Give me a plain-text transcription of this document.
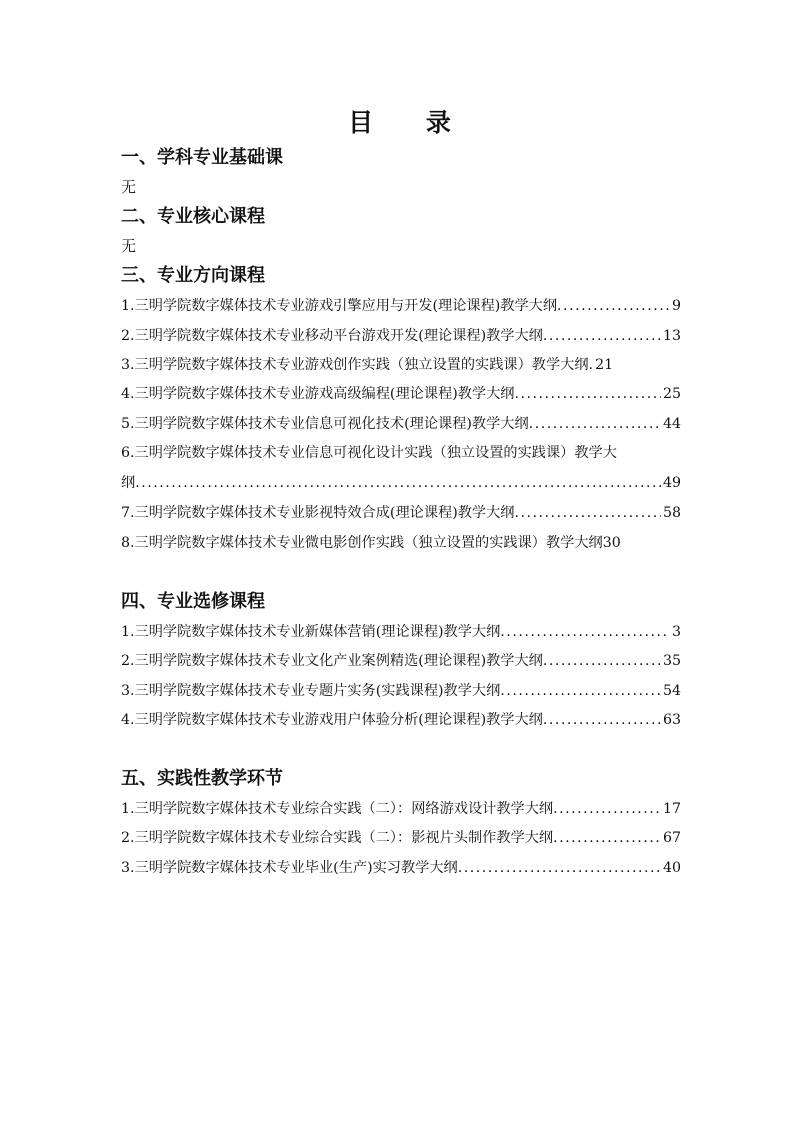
目 录
一、学科专业基础课
无
二、专业核心课程
无
三、专业方向课程
1.三明学院数字媒体技术专业游戏引擎应用与开发(理论课程)教学大纲 .....	9
2.三明学院数字媒体技术专业移动平台游戏开发(理论课程)教学大纲 .....	13
3.三明学院数字媒体技术专业游戏创作实践（独立设置的实践课）教学大纲. 21
4.三明学院数字媒体技术专业游戏高级编程(理论课程)教学大纲 .....	25
5.三明学院数字媒体技术专业信息可视化技术(理论课程)教学大纲 .....	44
6.三明学院数字媒体技术专业信息可视化设计实践（独立设置的实践课）教学大
纲 .....	49
7.三明学院数字媒体技术专业影视特效合成(理论课程)教学大纲 .....	58
8.三明学院数字媒体技术专业微电影创作实践（独立设置的实践课）教学大纲30
四、专业选修课程
1.三明学院数字媒体技术专业新媒体营销(理论课程)教学大纲 .....	3
2.三明学院数字媒体技术专业文化产业案例精选(理论课程)教学大纲 .....	35
3.三明学院数字媒体技术专业专题片实务(实践课程)教学大纲 .....	54
4.三明学院数字媒体技术专业游戏用户体验分析(理论课程)教学大纲 .....	63
五、实践性教学环节
1.三明学院数字媒体技术专业综合实践（二）：网络游戏设计教学大纲 .....	17
2.三明学院数字媒体技术专业综合实践（二）：影视片头制作教学大纲 .....	67
3.三明学院数字媒体技术专业毕业(生产)实习教学大纲 .....	40
